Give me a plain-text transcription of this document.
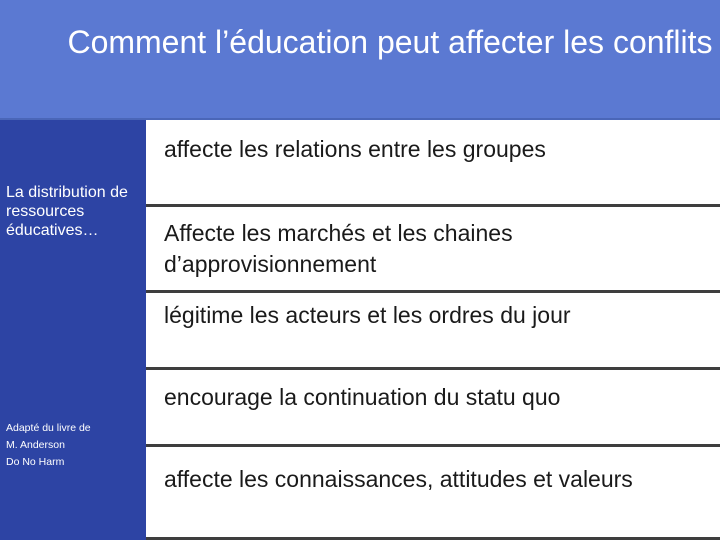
Comment l’éducation peut affecter les conflits
La distribution de ressources éducatives…
Adapté du livre de
M. Anderson
Do No Harm
affecte les relations entre les groupes
Affecte les marchés et les chaines d’approvisionnement
légitime les acteurs et les ordres du jour
encourage la continuation du statu quo
affecte les connaissances, attitudes et valeurs
